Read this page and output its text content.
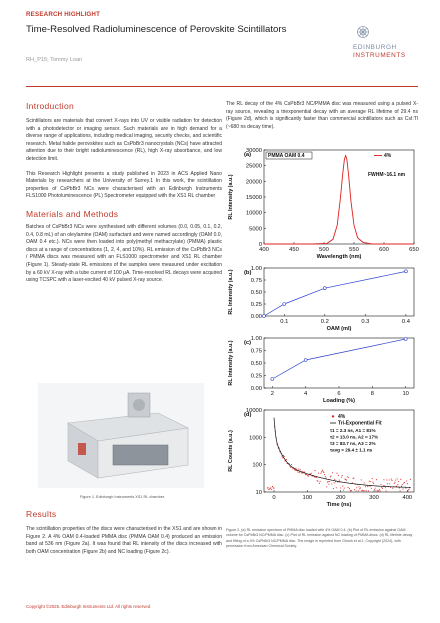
RESEARCH HIGHLIGHT
Time-Resolved Radioluminescence of Perovskite Scintillators
RH_P15; Tommy Loan
EDINBURGH
INSTRUMENTS
Introduction

Scintillators are materials that convert X-rays into UV or visible radiation for detection with a photodetector or imaging sensor. Such materials are in high demand for a diverse range of applications, including medical imaging, security checks, and scientific research. Metal halide perovskites such as CsPbBr3 nanocrystals (NCs) have attracted attention due to their bright radioluminescence (RL), high X-ray absorbance, and low detection limit.

This Research Highlight presents a study published in 2023 in ACS Applied Nano Materials by researchers at the University of Surrey.1 In this work, the scintillation properties of CsPbBr3 NCs were characterised with an Edinburgh Instruments FLS1000 Photoluminescence (PL) Spectrometer equipped with the XS1 RL chamber

Materials and Methods

Batches of CsPbBr3 NCs were synthesised with different volumes (0.0, 0.05, 0.1, 0.2, 0.4, 0.8 mL) of an oleylamine (OAM) surfactant and were named accordingly (OAM 0.0, OAM 0.4 etc.). NCs were then loaded into poly(methyl methacrylate) (PMMA) plastic discs at a range of concentrations (1, 2, 4, and 10%). RL emission of the CsPbBr3 NCs / PMMA discs was measured with an FLS1000 spectrometer and XS1 RL chamber (Figure 1). Steady-state RL emissions of the samples were measured under excitation by a 60 kV X-ray with a tube current of 100 μA. Time-resolved RL decays were acquired using TCSPC with a laser-excited 40 kV pulsed X-ray source.

Figure 1. Edinburgh Instruments XS1 RL chamber.
Results

The scintillation properties of the discs were characterised in the XS1 and are shown in Figure 2. A 4% OAM 0.4-loaded PMMA disc (PMMA OAM 0.4) produced an emission band at 536 nm (Figure 2a). It was found that RL intensity of the discs increased with both OAM concentration (Figure 2b) and NC loading (Figure 2c).

The RL decay of the 4% CsPbBr3 NC/PMMA disc was measured using a pulsed X-ray source, revealing a triexponential decay with an average RL lifetime of 29.4 ns (Figure 2d), which is significantly faster than commercial scintillators such as CsI:Tl (~680 ns decay time).

400	450	500	550	600	650
0
5000
10000
15000
20000
25000
30000
Wavelength (nm)
RL Intensity (a.u.)
(a)	PMMA OAM 0.4	4%
FWHM~16.1 nm
0.1	0.2	0.3	0.4
0.00
0.25
0.50
0.75
1.00
OAM (ml)
RL Intensity (a.u.) (b)
2	4	6	8	10
0.00
0.25
0.50
0.75
1.00
Loading (%)
RL Intensity (a.u.) (c)
0	100	200	300	400
10
100
1000
10000
Time (ns)
RL Counts (a.u.)
(d)	4%
Tri-Exponential Fit
τ1 = 2.3 ns, A1 = 81%
τ2 = 13.0 ns, A2 = 17%
τ3 = 83.7 ns, A3 = 2%
τavg = 29.4 ± 1.1 ns
Figure 2. (a) RL emission spectrum of PMMA disc loaded with 4% OAM 0.4. (b) Plot of RL emission against OAM volume for CsPbBr3 NC/PMMA disc. (c) Plot of RL emission against NC loading of PMMA discs. (d) RL lifetime decay and fitting of a 4% CsPbBr3 NC/PMMA disc. The image is reprinted from Ghosh et al.1, Copyright (2024), with permission from American Chemical Society.
Copyright ©2025. Edinburgh Instruments Ltd. All rights reserved
